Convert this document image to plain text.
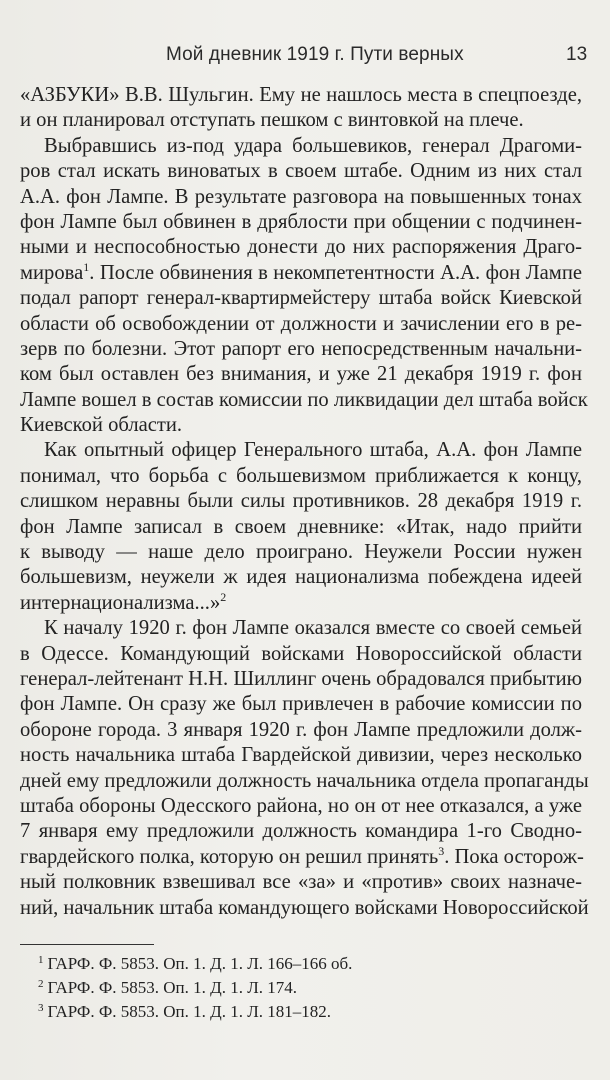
Мой дневник 1919 г. Пути верных	13
«АЗБУКИ» В.В. Шульгин. Ему не нашлось места в спецпоезде,
и он планировал отступать пешком с винтовкой на плече.
Выбравшись из-под удара большевиков, генерал Драгоми-
ров стал искать виноватых в своем штабе. Одним из них стал
А.А. фон Лампе. В результате разговора на повышенных тонах
фон Лампе был обвинен в дряблости при общении с подчинен-
ными и неспособностью донести до них распоряжения Драго-
мирова$^1$. После обвинения в некомпетентности А.А. фон Лампе
подал рапорт генерал-квартирмейстеру штаба войск Киевской
области об освобождении от должности и зачислении его в ре-
зерв по болезни. Этот рапорт его непосредственным начальни-
ком был оставлен без внимания, и уже 21 декабря 1919 г. фон
Лампе вошел в состав комиссии по ликвидации дел штаба войск
Киевской области.
Как опытный офицер Генерального штаба, А.А. фон Лампе
понимал, что борьба с большевизмом приближается к концу,
слишком неравны были силы противников. 28 декабря 1919 г.
фон Лампе записал в своем дневнике: «Итак, надо прийти
к выводу — наше дело проиграно. Неужели России нужен
большевизм, неужели ж идея национализма побеждена идеей
интернационализма...»$^2$
К началу 1920 г. фон Лампе оказался вместе со своей семьей
в Одессе. Командующий войсками Новороссийской области
генерал-лейтенант Н.Н. Шиллинг очень обрадовался прибытию
фон Лампе. Он сразу же был привлечен в рабочие комиссии по
обороне города. 3 января 1920 г. фон Лампе предложили долж-
ность начальника штаба Гвардейской дивизии, через несколько
дней ему предложили должность начальника отдела пропаганды
штаба обороны Одесского района, но он от нее отказался, а уже
7 января ему предложили должность командира 1-го Сводно-
гвардейского полка, которую он решил принять$^3$. Пока осторож-
ный полковник взвешивал все «за» и «против» своих назначе-
ний, начальник штаба командующего войсками Новороссийской
$^1$ ГАРФ. Ф. 5853. Оп. 1. Д. 1. Л. 166–166 об.
$^2$ ГАРФ. Ф. 5853. Оп. 1. Д. 1. Л. 174.
$^3$ ГАРФ. Ф. 5853. Оп. 1. Д. 1. Л. 181–182.
